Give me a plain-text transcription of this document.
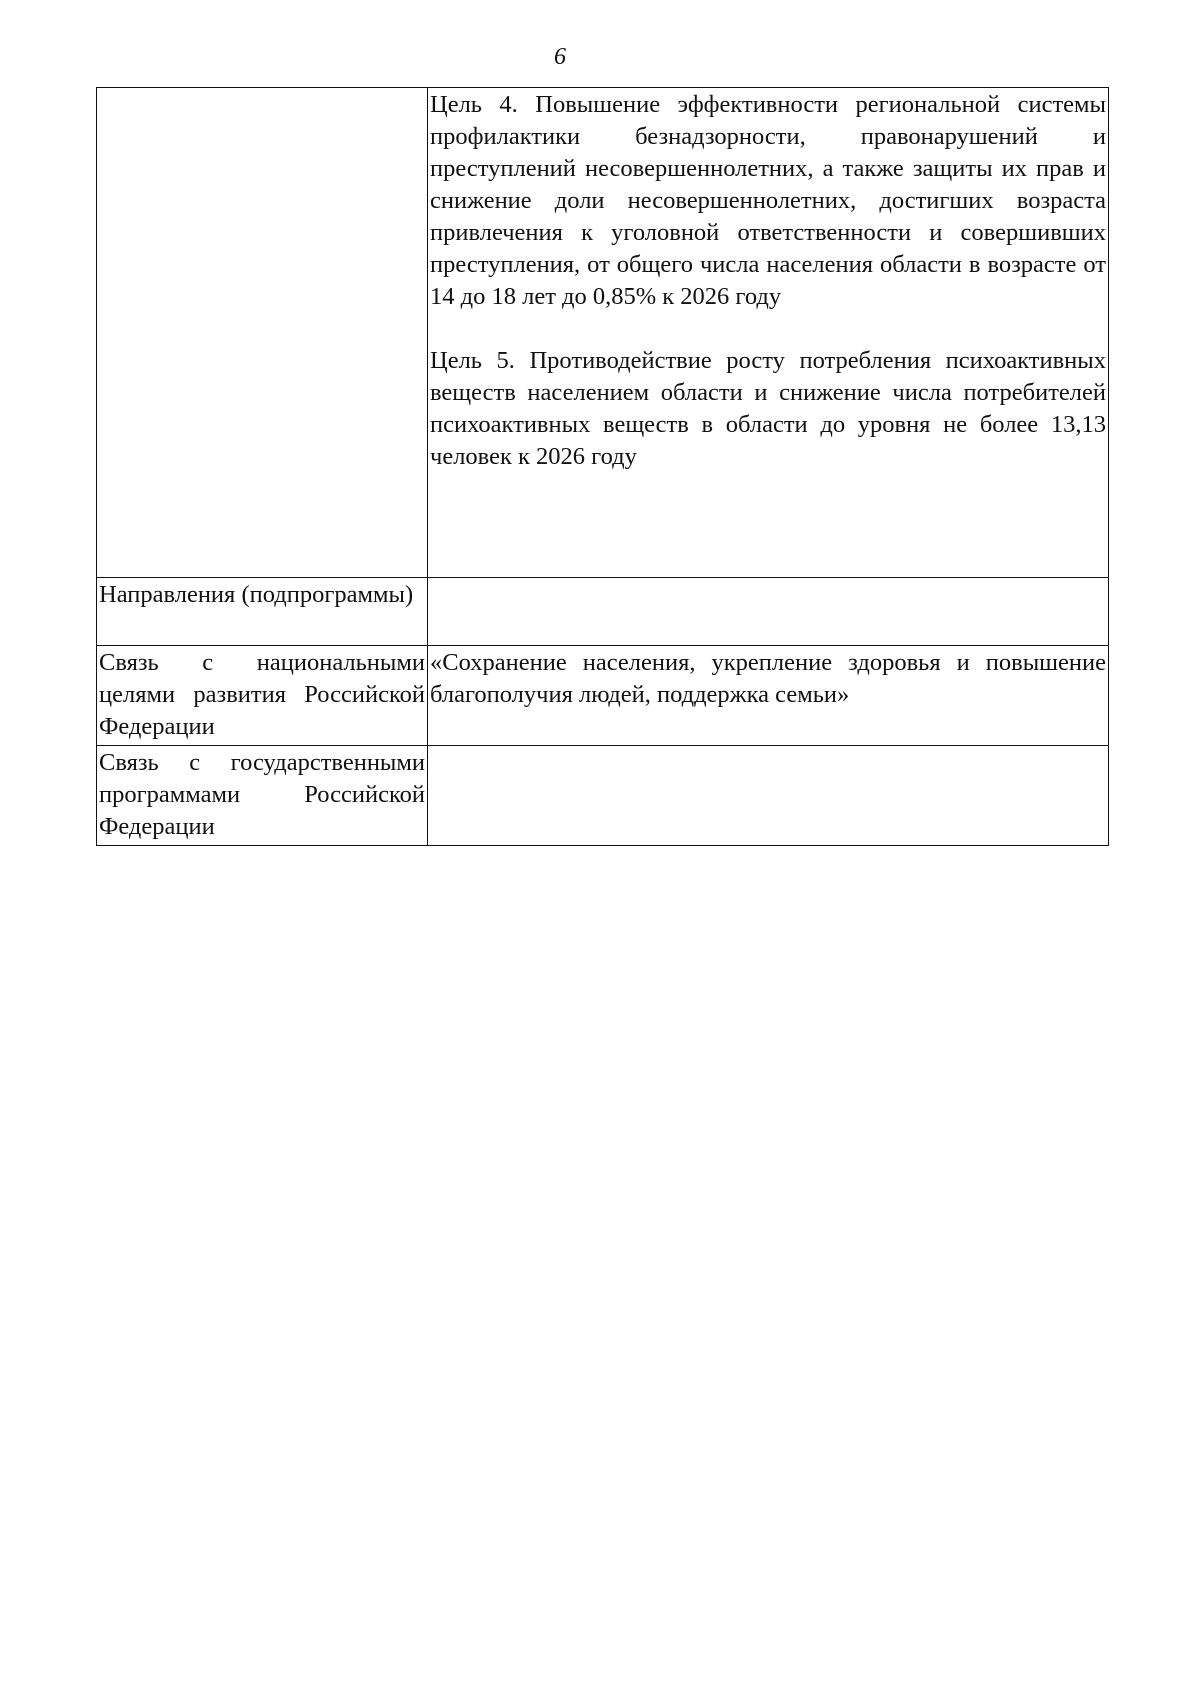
6

	Цель 4. Повышение эффективности региональной системы профилактики безнадзорности, правонарушений и преступлений несовершеннолетних, а также защиты их прав и снижение доли несовершеннолетних, достигших возраста привлечения к уголовной ответственности и совершивших преступления, от общего числа населения области в возрасте от 14 до 18 лет до 0,85% к 2026 году
Цель 5. Противодействие росту потребления психоактивных веществ населением области и снижение числа потребителей психоактивных веществ в области до уровня не более 13,13 человек к 2026 году

Направления (подпрограммы)	
Связь с национальными целями развития Российской Федерации	«Сохранение населения, укрепление здоровья и повышение благополучия людей, поддержка семьи»
Связь с государственными программами Российской Федерации	
